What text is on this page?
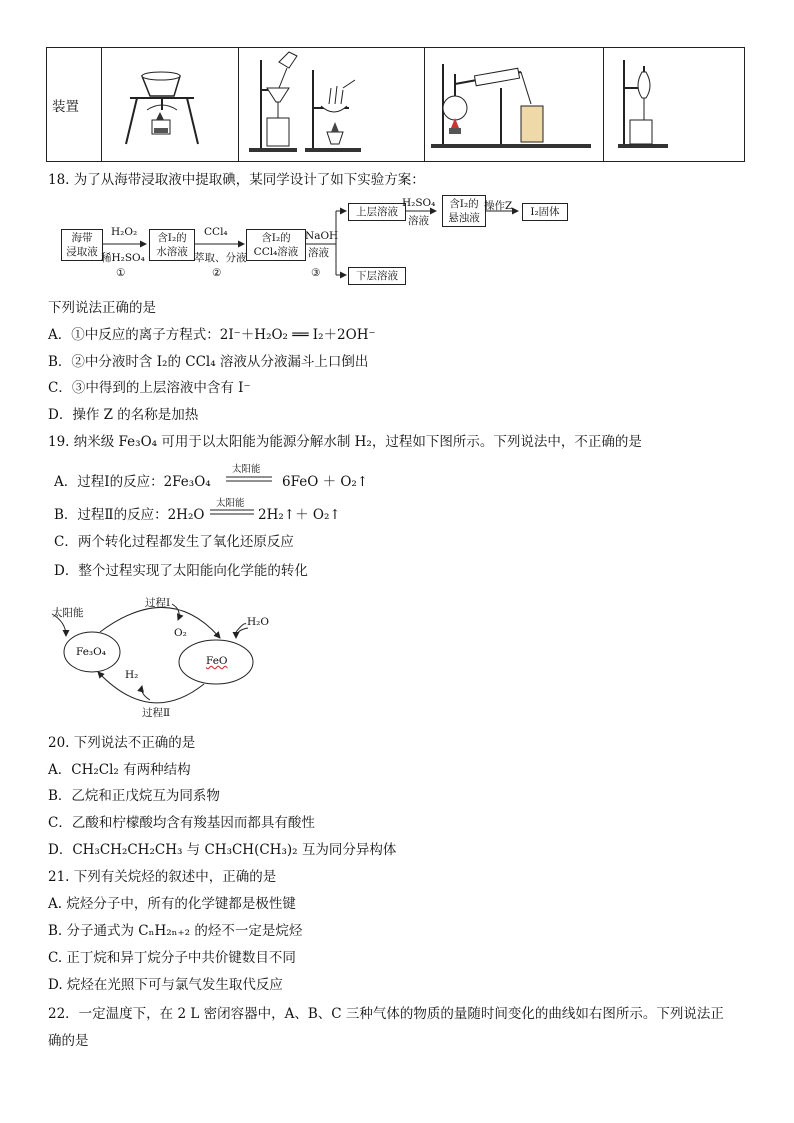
装置				
18. 为了从海带浸取液中提取碘，某同学设计了如下实验方案：
海带
浸取液
H₂O₂
稀H₂SO₄
①
含I₂的
水溶液
CCl₄
萃取、分液
②
含I₂的
CCl₄溶液
NaOH
溶液
③
上层溶液
H₂SO₄
溶液
含I₂的
悬浊液
操作Z	I₂固体
下层溶液
下列说法正确的是
A．①中反应的离子方程式：2I⁻＋H₂O₂ ══ I₂＋2OH⁻
B．②中分液时含 I₂的 CCl₄ 溶液从分液漏斗上口倒出
C．③中得到的上层溶液中含有 I⁻
D．操作 Z 的名称是加热
19. 纳米级 Fe₃O₄ 可用于以太阳能为能源分解水制 H₂，过程如下图所示。下列说法中，不正确的是
A．过程Ⅰ的反应：2Fe₃O₄
太阳能
6FeO ＋ O₂↑
B．过程Ⅱ的反应：2H₂O
太阳能
2H₂↑＋ O₂↑
C．两个转化过程都发生了氧化还原反应
D．整个过程实现了太阳能向化学能的转化
太阳能
过程Ⅰ
O₂
H₂O
Fe₃O₄
FeO
H₂
过程Ⅱ
20. 下列说法不正确的是
A．CH₂Cl₂ 有两种结构
B．乙烷和正戊烷互为同系物
C．乙酸和柠檬酸均含有羧基因而都具有酸性
D．CH₃CH₂CH₂CH₃ 与 CH₃CH(CH₃)₂ 互为同分异构体
21. 下列有关烷烃的叙述中，正确的是
A. 烷烃分子中，所有的化学键都是极性键
B. 分子通式为 CₙH₂ₙ₊₂ 的烃不一定是烷烃
C. 正丁烷和异丁烷分子中共价键数目不同
D. 烷烃在光照下可与氯气发生取代反应
22．一定温度下，在 2 L 密闭容器中，A、B、C 三种气体的物质的量随时间变化的曲线如右图所示。下列说法正
确的是
